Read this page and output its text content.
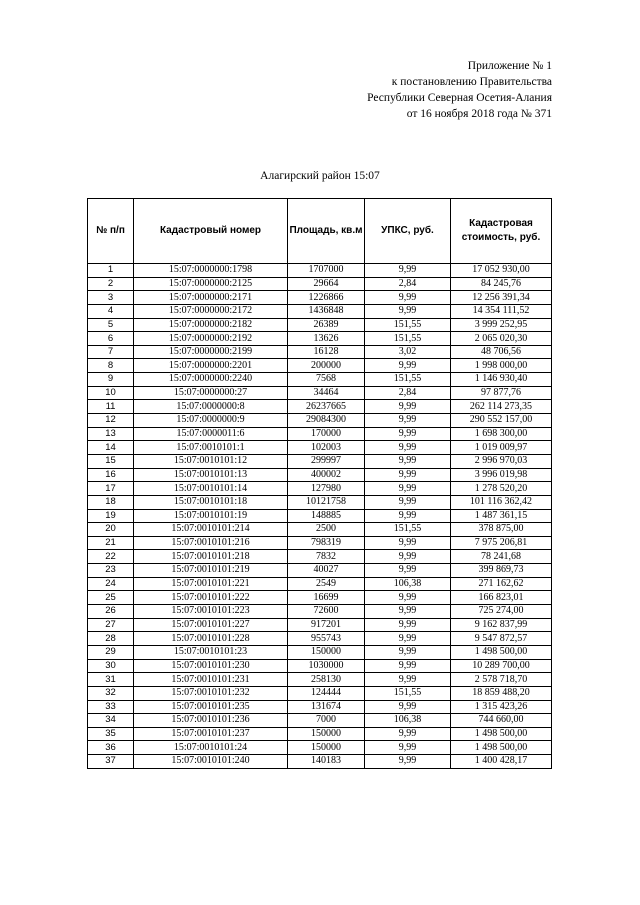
Приложение № 1
к постановлению Правительства
Республики Северная Осетия-Алания
от 16 ноября 2018 года № 371
Алагирский район 15:07
№ п/п	Кадастровый номер	Площадь, кв.м	УПКС, руб.	Кадастровая стоимость, руб.
1	15:07:0000000:1798	1707000	9,99	17 052 930,00
2	15:07:0000000:2125	29664	2,84	84 245,76
3	15:07:0000000:2171	1226866	9,99	12 256 391,34
4	15:07:0000000:2172	1436848	9,99	14 354 111,52
5	15:07:0000000:2182	26389	151,55	3 999 252,95
6	15:07:0000000:2192	13626	151,55	2 065 020,30
7	15:07:0000000:2199	16128	3,02	48 706,56
8	15:07:0000000:2201	200000	9,99	1 998 000,00
9	15:07:0000000:2240	7568	151,55	1 146 930,40
10	15:07:0000000:27	34464	2,84	97 877,76
11	15:07:0000000:8	26237665	9,99	262 114 273,35
12	15:07:0000000:9	29084300	9,99	290 552 157,00
13	15:07:0000011:6	170000	9,99	1 698 300,00
14	15:07:0010101:1	102003	9,99	1 019 009,97
15	15:07:0010101:12	299997	9,99	2 996 970,03
16	15:07:0010101:13	400002	9,99	3 996 019,98
17	15:07:0010101:14	127980	9,99	1 278 520,20
18	15:07:0010101:18	10121758	9,99	101 116 362,42
19	15:07:0010101:19	148885	9,99	1 487 361,15
20	15:07:0010101:214	2500	151,55	378 875,00
21	15:07:0010101:216	798319	9,99	7 975 206,81
22	15:07:0010101:218	7832	9,99	78 241,68
23	15:07:0010101:219	40027	9,99	399 869,73
24	15:07:0010101:221	2549	106,38	271 162,62
25	15:07:0010101:222	16699	9,99	166 823,01
26	15:07:0010101:223	72600	9,99	725 274,00
27	15:07:0010101:227	917201	9,99	9 162 837,99
28	15:07:0010101:228	955743	9,99	9 547 872,57
29	15:07:0010101:23	150000	9,99	1 498 500,00
30	15:07:0010101:230	1030000	9,99	10 289 700,00
31	15:07:0010101:231	258130	9,99	2 578 718,70
32	15:07:0010101:232	124444	151,55	18 859 488,20
33	15:07:0010101:235	131674	9,99	1 315 423,26
34	15:07:0010101:236	7000	106,38	744 660,00
35	15:07:0010101:237	150000	9,99	1 498 500,00
36	15:07:0010101:24	150000	9,99	1 498 500,00
37	15:07:0010101:240	140183	9,99	1 400 428,17
